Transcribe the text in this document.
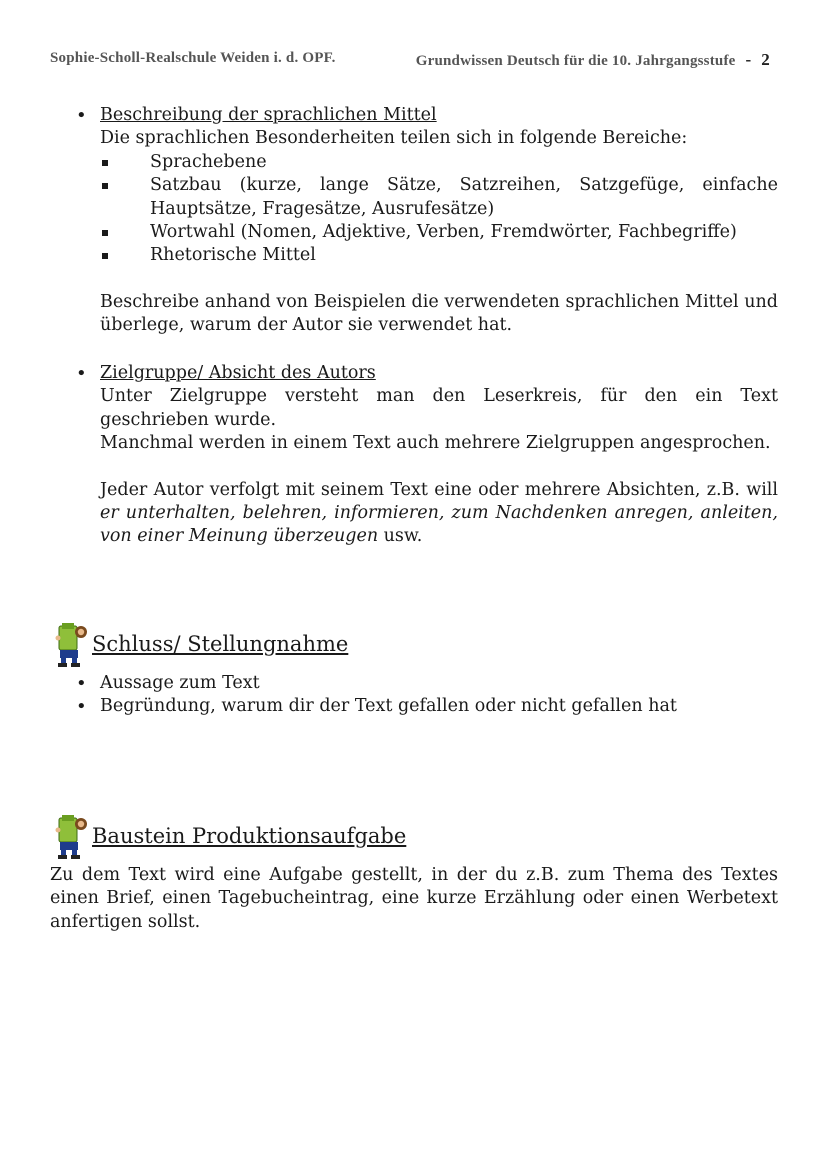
Sophie-Scholl-Realschule Weiden i. d. OPF.	Grundwissen Deutsch für die 10. Jahrgangsstufe - 2
• Beschreibung der sprachlichen Mittel
Die sprachlichen Besonderheiten teilen sich in folgende Bereiche:
Sprachebene
Satzbau (kurze, lange Sätze, Satzreihen, Satzgefüge, einfache Hauptsätze, Fragesätze, Ausrufesätze)
Wortwahl (Nomen, Adjektive, Verben, Fremdwörter, Fachbegriffe)
Rhetorische Mittel

Beschreibe anhand von Beispielen die verwendeten sprachlichen Mittel und überlege, warum der Autor sie verwendet hat.

• Zielgruppe/ Absicht des Autors

Unter Zielgruppe versteht man den Leserkreis, für den ein Text geschrieben wurde.

Manchmal werden in einem Text auch mehrere Zielgruppen angesprochen.

Jeder Autor verfolgt mit seinem Text eine oder mehrere Absichten, z.B. will er unterhalten, belehren, informieren, zum Nachdenken anregen, anleiten, von einer Meinung überzeugen usw.

Schluss/ Stellungnahme
• Aussage zum Text
• Begründung, warum dir der Text gefallen oder nicht gefallen hat
Baustein Produktionsaufgabe

Zu dem Text wird eine Aufgabe gestellt, in der du z.B. zum Thema des Textes einen Brief, einen Tagebucheintrag, eine kurze Erzählung oder einen Werbetext anfertigen sollst.
